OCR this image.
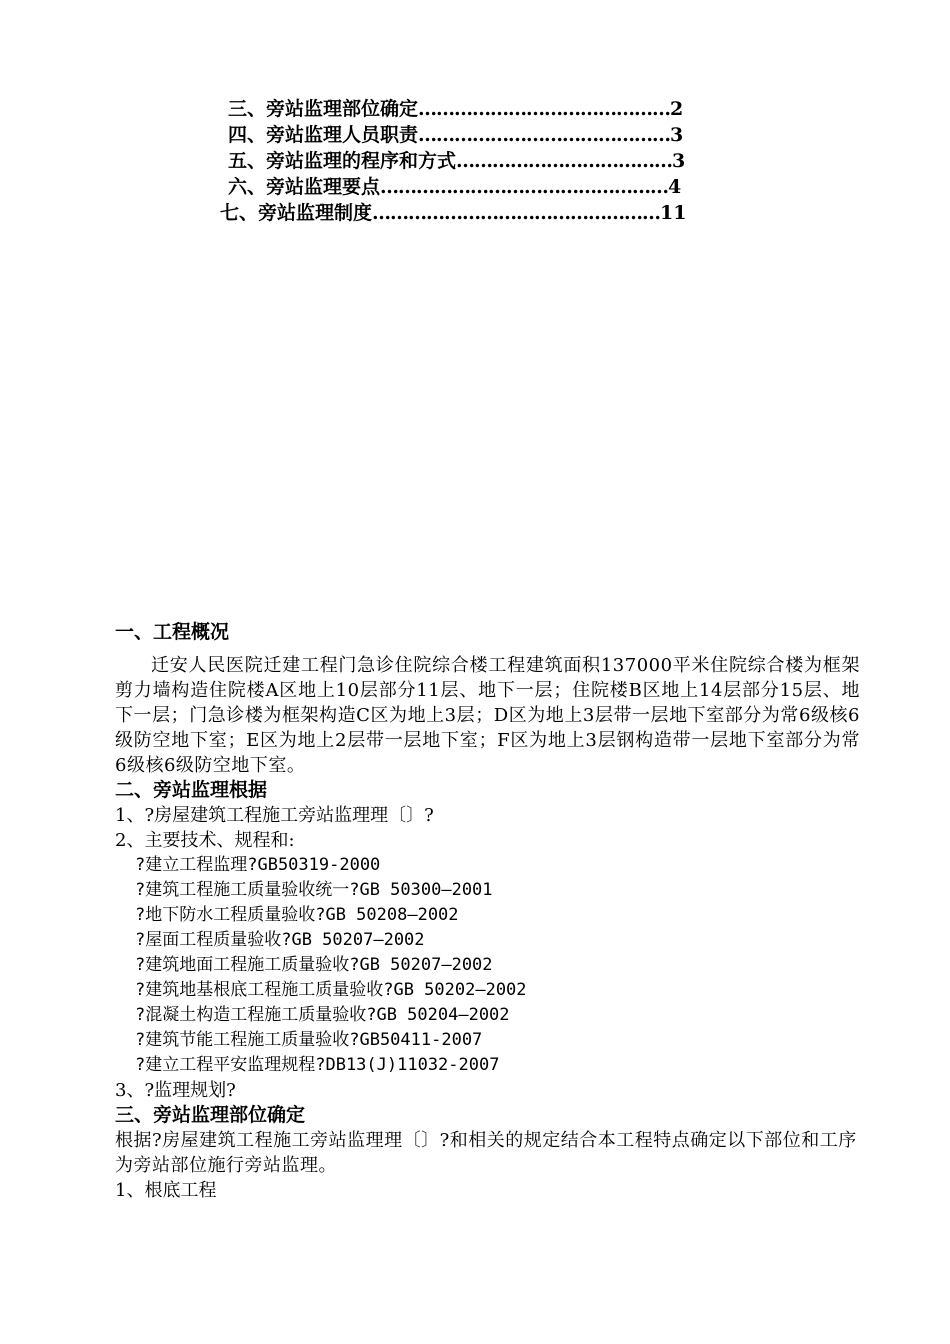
三、旁站监理部位确定……………………………………2
四、旁站监理人员职责……………………………………3
五、旁站监理的程序和方式………………………………3
六、旁站监理要点…………………………………………4
七、旁站监理制度…………………………………………11

一、工程概况

迁安人民医院迁建工程门急诊住院综合楼工程建筑面积137000平米住院综合楼为框架剪力墙构造住院楼A区地上10层部分11层、地下一层；住院楼B区地上14层部分15层、地下一层；门急诊楼为框架构造C区为地上3层；D区为地上3层带一层地下室部分为常6级核6级防空地下室；E区为地上2层带一层地下室；F区为地上3层钢构造带一层地下室部分为常6级核6级防空地下室。

二、旁站监理根据

1、?房屋建筑工程施工旁站监理理〔〕?

2、主要技术、规程和:

?建立工程监理?GB50319-2000

?建筑工程施工质量验收统一?GB 50300—2001

?地下防水工程质量验收?GB 50208—2002

?屋面工程质量验收?GB 50207—2002

?建筑地面工程施工质量验收?GB 50207—2002

?建筑地基根底工程施工质量验收?GB 50202—2002

?混凝土构造工程施工质量验收?GB 50204—2002

?建筑节能工程施工质量验收?GB50411-2007

?建立工程平安监理规程?DB13(J)11032-2007

3、?监理规划?

三、旁站监理部位确定

根据?房屋建筑工程施工旁站监理理〔〕?和相关的规定结合本工程特点确定以下部位和工序为旁站部位施行旁站监理。

1、根底工程
